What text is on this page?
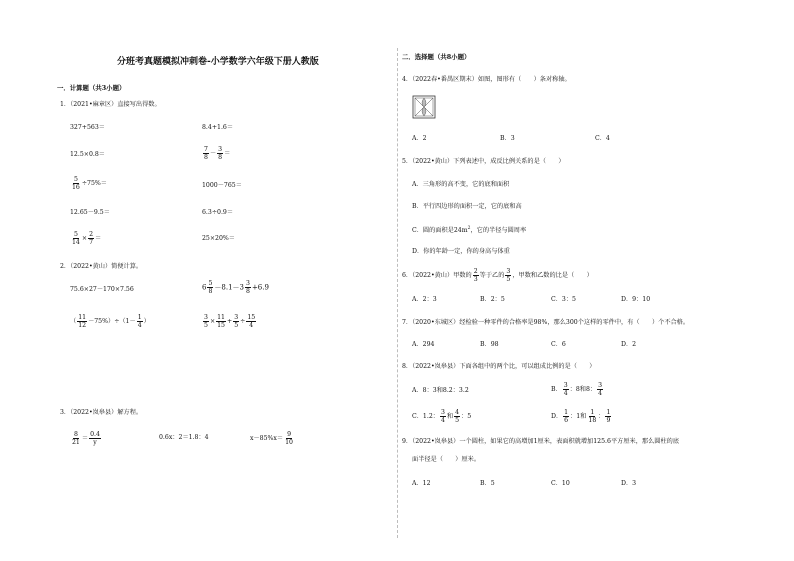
分班考真题模拟冲刺卷-小学数学六年级下册人教版
一．计算题（共3小题）
1．（2021•麻章区）直接写出得数。
327+563＝	8.4+1.6＝
12.5×0.8＝	$\frac{7}{8} - \frac{3}{8}$ ＝
$\frac{5}{16} \div 75\%=$	1000－765＝
12.65－9.5＝	6.3÷0.9＝
$\frac{5}{14} \times \frac{2}{7}$ ＝	25×20%＝
2．（2022•黄山）简便计算。
75.6×27－170×7.56	$6 \frac{5}{8} -8.1-3 \frac{3}{8} +6.9$
（ $\frac{11}{12} -75\%)\div(1- \frac{1}{4}$ ）	$\frac{3}{5} \times \frac{11}{15} + \frac{3}{5} \div \frac{15}{4}$
3．（2022•岚皋县）解方程。
$\frac{8}{21} = \frac{0.4}{y}$	0.6x：2＝1.8：4	$x-85\%x= \frac{9}{10}$
二．选择题（共8小题）
4．（2022春•番禺区期末）如图，图形有（　　）条对称轴。
A．2	B．3	C．4
5．（2022•黄山）下列表述中，成反比例关系的是（　　）
A．三角形的高不变，它的底和面积
B．平行四边形的面积一定，它的底和高
C．圆的面积是$24m^2$，它的半径与圆周率
D．你的年龄一定，你的身高与体重
6．（2022•黄山）甲数的 $\frac{2}{3}$ 等于乙的 $\frac{3}{5}$ ，甲数和乙数的比是（　　）
A．2：3	B．2：5	C．3：5	D．9：10
7．（2020•东城区）经检验一种零件的合格率是98%，那么300个这样的零件中，有（　　）个不合格。
A．294	B．98	C．6	D．2
8．（2022•岚皋县）下面各组中的两个比，可以组成比例的是（　　）
A．8：3和8.2：3.2	B． $\frac{3}{4}$ ：8和8： $\frac{3}{4}$
C．1.2： $\frac{3}{4}$ 和 $\frac{4}{5}$ ：5	D． $\frac{1}{6}$ ：1和 $\frac{1}{18}$ ： $\frac{1}{9}$
9．（2022•岚皋县）一个圆柱，如果它的高增加1厘米，表面积就增加125.6平方厘米，那么圆柱的底
面半径是（　　）厘米。
A．12	B．5	C．10	D．3
